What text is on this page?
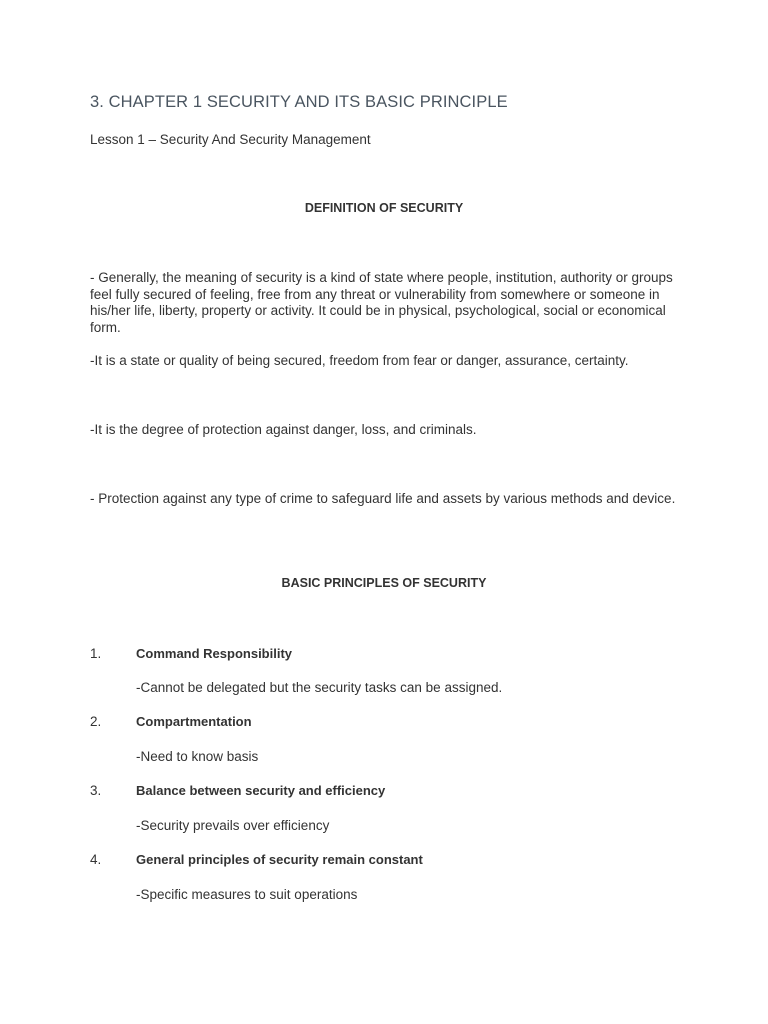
3. CHAPTER 1 SECURITY AND ITS BASIC PRINCIPLE
Lesson 1 – Security And Security Management
DEFINITION OF SECURITY
- Generally, the meaning of security is a kind of state where people, institution, authority or groups feel fully secured of feeling, free from any threat or vulnerability from somewhere or someone in his/her life, liberty, property or activity. It could be in physical, psychological, social or economical form.
-It is a state or quality of being secured, freedom from fear or danger, assurance, certainty.
-It is the degree of protection against danger, loss, and criminals.
- Protection against any type of crime to safeguard life and assets by various methods and device.
BASIC PRINCIPLES OF SECURITY
1.	Command Responsibility
-Cannot be delegated but the security tasks can be assigned.
2.	Compartmentation
-Need to know basis
3.	Balance between security and efficiency
-Security prevails over efficiency
4.	General principles of security remain constant
-Specific measures to suit operations
